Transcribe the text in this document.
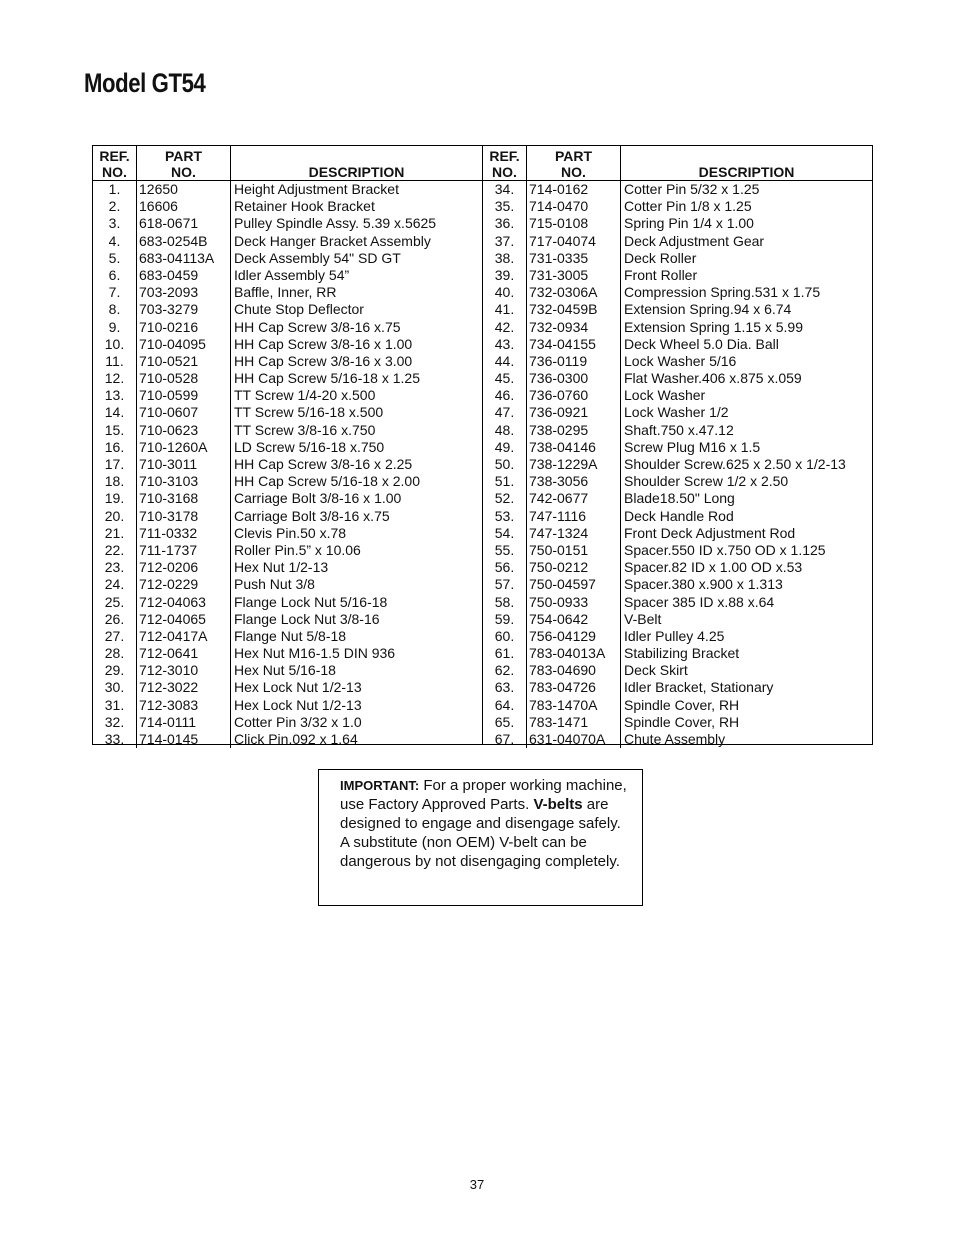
Model GT54
REF.
NO.	PART
NO.	DESCRIPTION
1.	12650	Height Adjustment Bracket
2.	16606	Retainer Hook Bracket
3.	618-0671	Pulley Spindle Assy. 5.39 x.5625
4.	683-0254B	Deck Hanger Bracket Assembly
5.	683-04113A	Deck Assembly 54" SD GT
6.	683-0459	Idler Assembly 54”
7.	703-2093	Baffle, Inner, RR
8.	703-3279	Chute Stop Deflector
9.	710-0216	HH Cap Screw 3/8-16 x.75
10.	710-04095	HH Cap Screw 3/8-16 x 1.00
11.	710-0521	HH Cap Screw 3/8-16 x 3.00
12.	710-0528	HH Cap Screw 5/16-18 x 1.25
13.	710-0599	TT Screw 1/4-20 x.500
14.	710-0607	TT Screw 5/16-18 x.500
15.	710-0623	TT Screw 3/8-16 x.750
16.	710-1260A	LD Screw 5/16-18 x.750
17.	710-3011	HH Cap Screw 3/8-16 x 2.25
18.	710-3103	HH Cap Screw 5/16-18 x 2.00
19.	710-3168	Carriage Bolt 3/8-16 x 1.00
20.	710-3178	Carriage Bolt 3/8-16 x.75
21.	711-0332	Clevis Pin.50 x.78
22.	711-1737	Roller Pin.5” x 10.06
23.	712-0206	Hex Nut 1/2-13
24.	712-0229	Push Nut 3/8
25.	712-04063	Flange Lock Nut 5/16-18
26.	712-04065	Flange Lock Nut 3/8-16
27.	712-0417A	Flange Nut 5/8-18
28.	712-0641	Hex Nut M16-1.5 DIN 936
29.	712-3010	Hex Nut 5/16-18
30.	712-3022	Hex Lock Nut 1/2-13
31.	712-3083	Hex Lock Nut 1/2-13
32.	714-0111	Cotter Pin 3/32 x 1.0
33.	714-0145	Click Pin.092 x 1.64
REF.
NO.	PART
NO.	DESCRIPTION
34.	714-0162	Cotter Pin 5/32 x 1.25
35.	714-0470	Cotter Pin 1/8 x 1.25
36.	715-0108	Spring Pin 1/4 x 1.00
37.	717-04074	Deck Adjustment Gear
38.	731-0335	Deck Roller
39.	731-3005	Front Roller
40.	732-0306A	Compression Spring.531 x 1.75
41.	732-0459B	Extension Spring.94 x 6.74
42.	732-0934	Extension Spring 1.15 x 5.99
43.	734-04155	Deck Wheel 5.0 Dia. Ball
44.	736-0119	Lock Washer 5/16
45.	736-0300	Flat Washer.406 x.875 x.059
46.	736-0760	Lock Washer
47.	736-0921	Lock Washer 1/2
48.	738-0295	Shaft.750 x.47.12
49.	738-04146	Screw Plug M16 x 1.5
50.	738-1229A	Shoulder Screw.625 x 2.50 x 1/2-13
51.	738-3056	Shoulder Screw 1/2 x 2.50
52.	742-0677	Blade18.50" Long
53.	747-1116	Deck Handle Rod
54.	747-1324	Front Deck Adjustment Rod
55.	750-0151	Spacer.550 ID x.750 OD x 1.125
56.	750-0212	Spacer.82 ID x 1.00 OD x.53
57.	750-04597	Spacer.380 x.900 x 1.313
58.	750-0933	Spacer 385 ID x.88 x.64
59.	754-0642	V-Belt
60.	756-04129	Idler Pulley 4.25
61.	783-04013A	Stabilizing Bracket
62.	783-04690	Deck Skirt
63.	783-04726	Idler Bracket, Stationary
64.	783-1470A	Spindle Cover, RH
65.	783-1471	Spindle Cover, RH
67.	631-04070A	Chute Assembly
IMPORTANT: For a proper working machine, use Factory Approved Parts. V-belts are designed to engage and disengage safely. A substitute (non OEM) V-belt can be dangerous by not disengaging completely.
37
